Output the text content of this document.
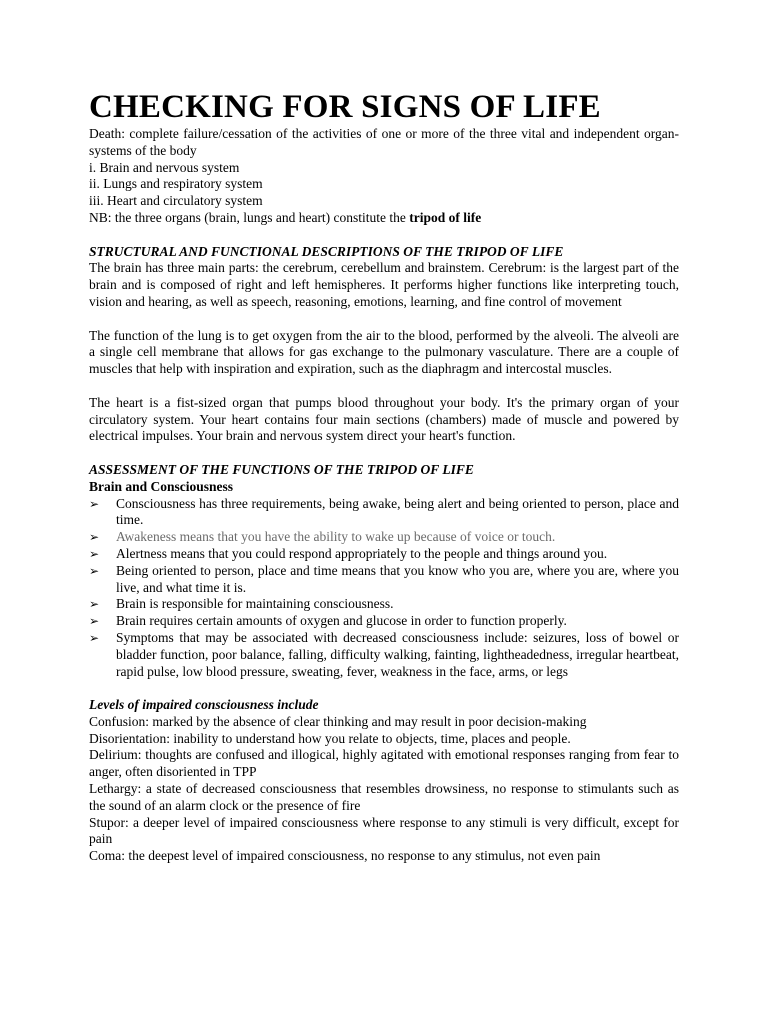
CHECKING FOR SIGNS OF LIFE

Death: complete failure/cessation of the activities of one or more of the three vital and independent organ-systems of the body

i. Brain and nervous system

ii. Lungs and respiratory system

iii. Heart and circulatory system

NB: the three organs (brain, lungs and heart) constitute the tripod of life

STRUCTURAL AND FUNCTIONAL DESCRIPTIONS OF THE TRIPOD OF LIFE

The brain has three main parts: the cerebrum, cerebellum and brainstem. Cerebrum: is the largest part of the brain and is composed of right and left hemispheres. It performs higher functions like interpreting touch, vision and hearing, as well as speech, reasoning, emotions, learning, and fine control of movement

The function of the lung is to get oxygen from the air to the blood, performed by the alveoli. The alveoli are a single cell membrane that allows for gas exchange to the pulmonary vasculature. There are a couple of muscles that help with inspiration and expiration, such as the diaphragm and intercostal muscles.

The heart is a fist-sized organ that pumps blood throughout your body. It's the primary organ of your circulatory system. Your heart contains four main sections (chambers) made of muscle and powered by electrical impulses. Your brain and nervous system direct your heart's function.

ASSESSMENT OF THE FUNCTIONS OF THE TRIPOD OF LIFE

Brain and Consciousness

➢ Consciousness has three requirements, being awake, being alert and being oriented to person, place and time.
➢ Awakeness means that you have the ability to wake up because of voice or touch.
➢ Alertness means that you could respond appropriately to the people and things around you.
➢ Being oriented to person, place and time means that you know who you are, where you are, where you live, and what time it is.
➢ Brain is responsible for maintaining consciousness.
➢ Brain requires certain amounts of oxygen and glucose in order to function properly.
➢ Symptoms that may be associated with decreased consciousness include: seizures, loss of bowel or bladder function, poor balance, falling, difficulty walking, fainting, lightheadedness, irregular heartbeat, rapid pulse, low blood pressure, sweating, fever, weakness in the face, arms, or legs

Levels of impaired consciousness include

Confusion: marked by the absence of clear thinking and may result in poor decision-making

Disorientation: inability to understand how you relate to objects, time, places and people.

Delirium: thoughts are confused and illogical, highly agitated with emotional responses ranging from fear to anger, often disoriented in TPP

Lethargy: a state of decreased consciousness that resembles drowsiness, no response to stimulants such as the sound of an alarm clock or the presence of fire

Stupor: a deeper level of impaired consciousness where response to any stimuli is very difficult, except for pain

Coma: the deepest level of impaired consciousness, no response to any stimulus, not even pain
